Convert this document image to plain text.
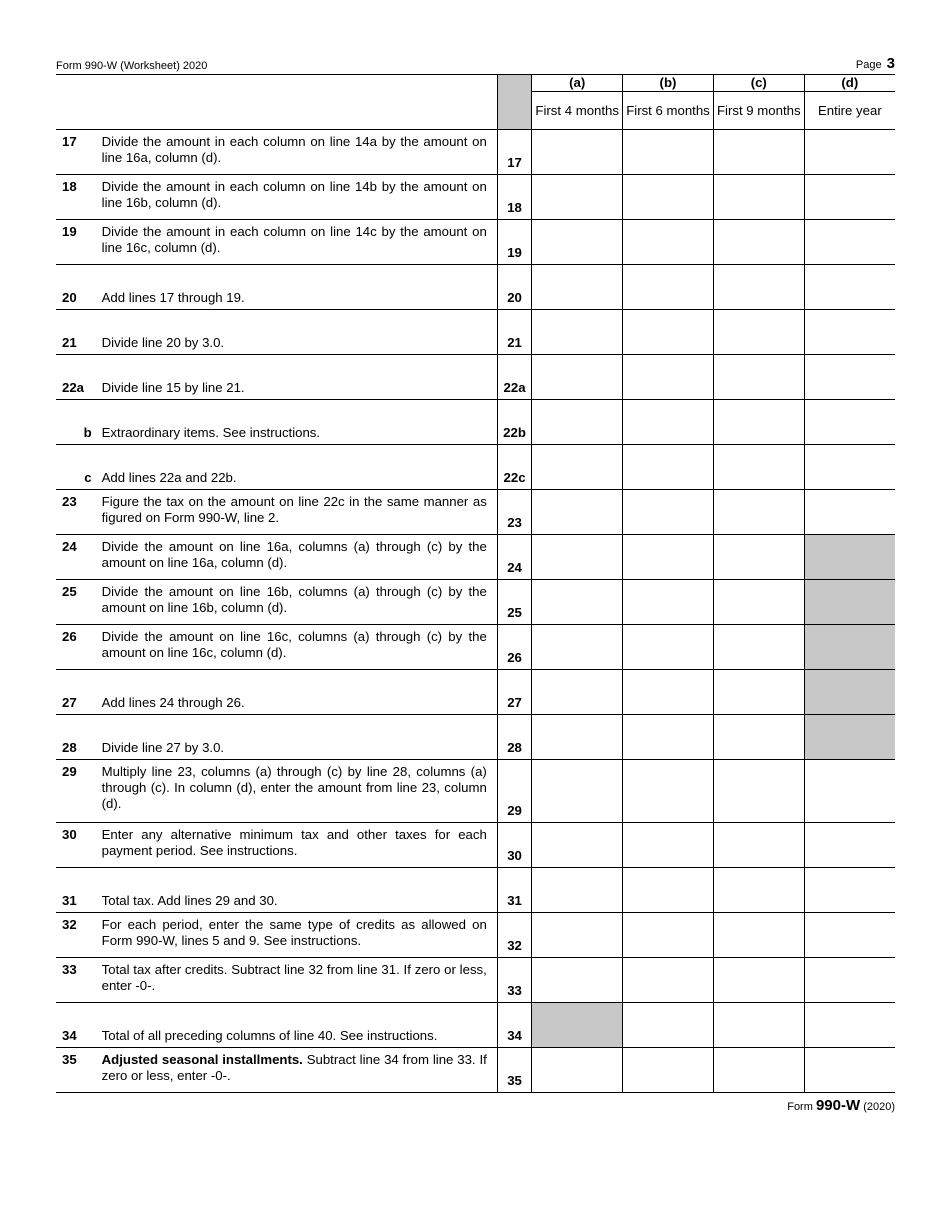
Form 990-W (Worksheet) 2020	Page 3
			(a)	(b)	(c)	(d)
			First 4 months	First 6 months	First 9 months	Entire year
17	Divide the amount in each column on line 14a by the amount on line 16a, column (d).	17				
18	Divide the amount in each column on line 14b by the amount on line 16b, column (d).	18				
19	Divide the amount in each column on line 14c by the amount on line 16c, column (d).	19				
20	Add lines 17 through 19.	20				
21	Divide line 20 by 3.0.	21				
22a	Divide line 15 by line 21.	22a				
b	Extraordinary items. See instructions.	22b				
c	Add lines 22a and 22b.	22c				
23	Figure the tax on the amount on line 22c in the same manner as figured on Form 990-W, line 2.	23				
24	Divide the amount on line 16a, columns (a) through (c) by the amount on line 16a, column (d).	24				
25	Divide the amount on line 16b, columns (a) through (c) by the amount on line 16b, column (d).	25				
26	Divide the amount on line 16c, columns (a) through (c) by the amount on line 16c, column (d).	26				
27	Add lines 24 through 26.	27				
28	Divide line 27 by 3.0.	28				
29	Multiply line 23, columns (a) through (c) by line 28, columns (a) through (c). In column (d), enter the amount from line 23, column (d).	29				
30	Enter any alternative minimum tax and other taxes for each payment period. See instructions.	30				
31	Total tax. Add lines 29 and 30.	31				
32	For each period, enter the same type of credits as allowed on Form 990-W, lines 5 and 9. See instructions.	32				
33	Total tax after credits. Subtract line 32 from line 31. If zero or less, enter -0-.	33				
34	Total of all preceding columns of line 40. See instructions.	34				
35	Adjusted seasonal installments. Subtract line 34 from line 33. If zero or less, enter -0-.	35				
Form 990-W (2020)
